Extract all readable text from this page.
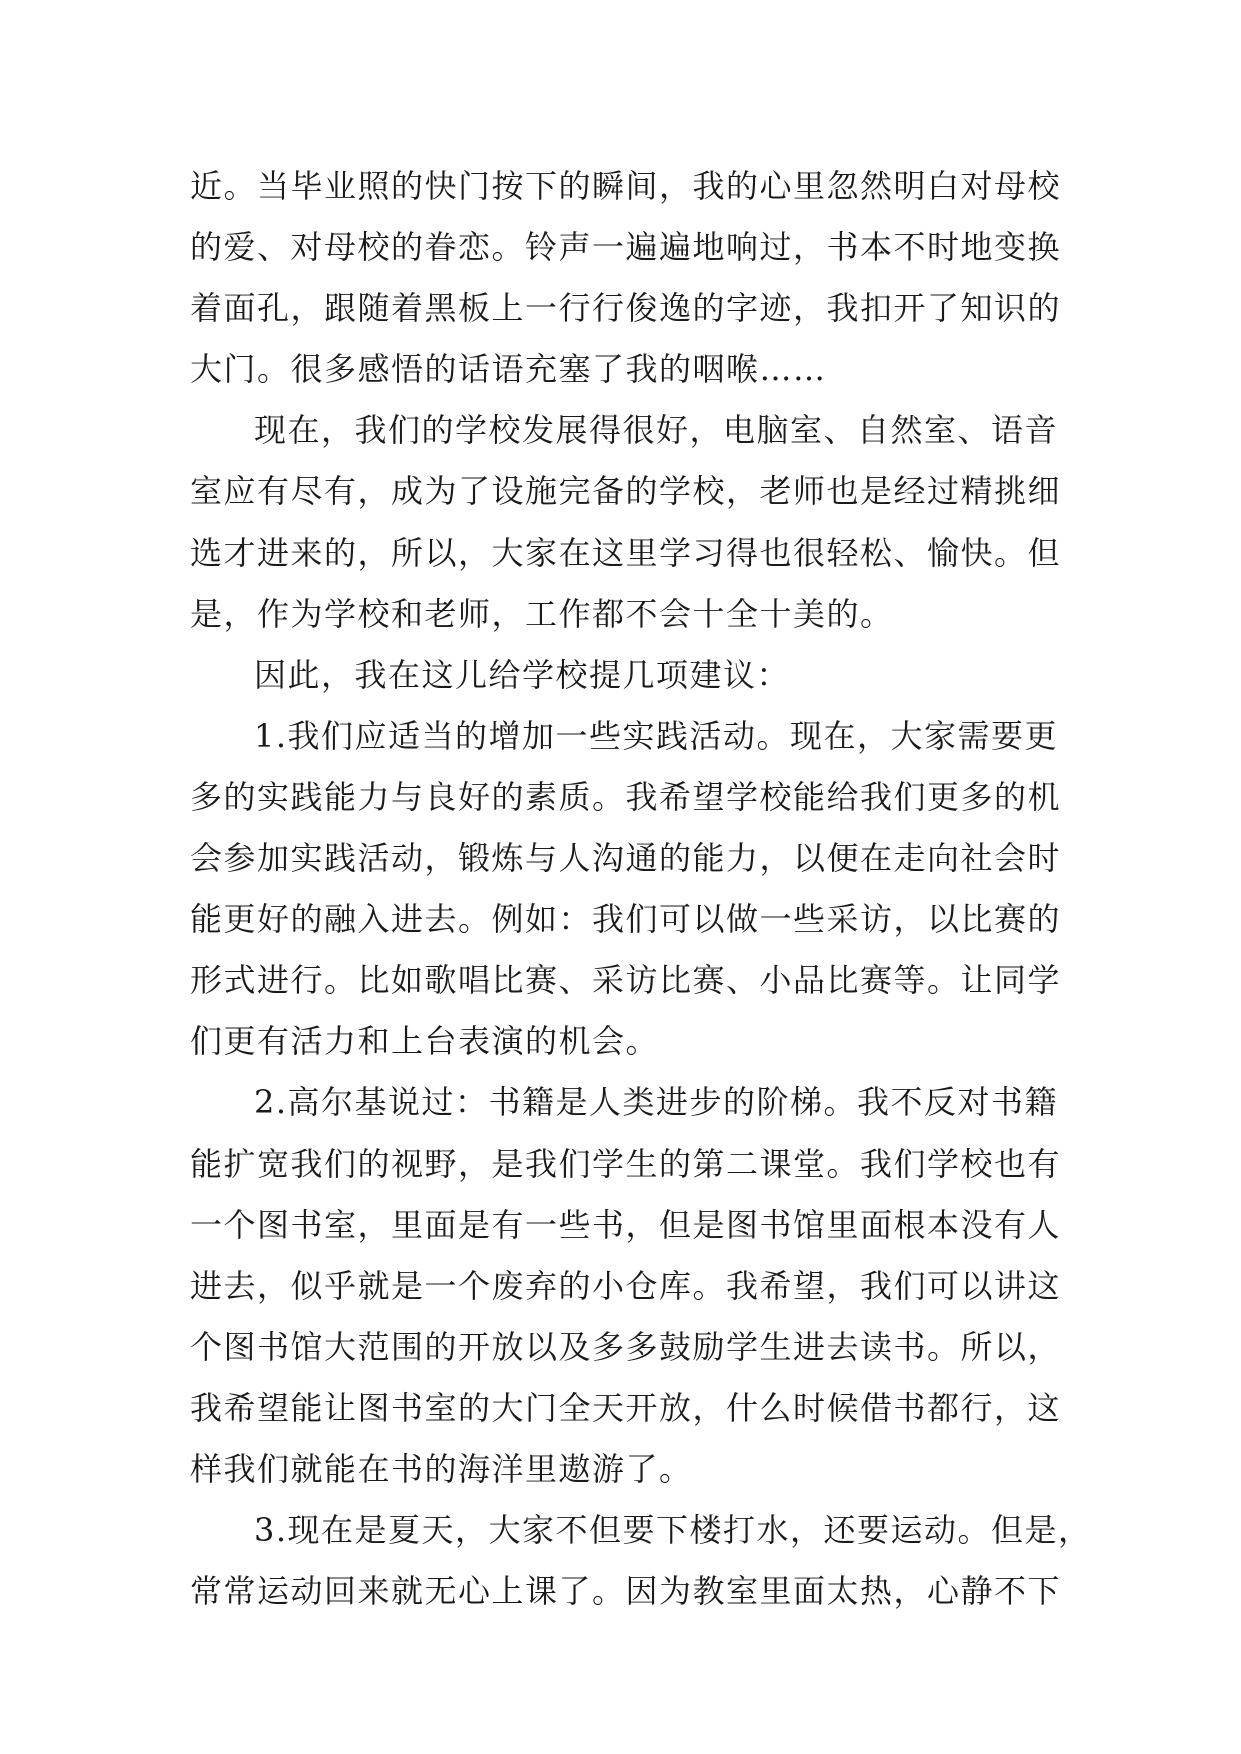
近。当毕业照的快门按下的瞬间，我的心里忽然明白对母校
的爱、对母校的眷恋。铃声一遍遍地响过，书本不时地变换
着面孔，跟随着黑板上一行行俊逸的字迹，我扣开了知识的
大门。很多感悟的话语充塞了我的咽喉……
现在，我们的学校发展得很好，电脑室、自然室、语音
室应有尽有，成为了设施完备的学校，老师也是经过精挑细
选才进来的，所以，大家在这里学习得也很轻松、愉快。但
是，作为学校和老师，工作都不会十全十美的。
因此，我在这儿给学校提几项建议：
1.我们应适当的增加一些实践活动。现在，大家需要更
多的实践能力与良好的素质。我希望学校能给我们更多的机
会参加实践活动，锻炼与人沟通的能力，以便在走向社会时
能更好的融入进去。例如：我们可以做一些采访，以比赛的
形式进行。比如歌唱比赛、采访比赛、小品比赛等。让同学
们更有活力和上台表演的机会。
2.高尔基说过：书籍是人类进步的阶梯。我不反对书籍
能扩宽我们的视野，是我们学生的第二课堂。我们学校也有
一个图书室，里面是有一些书，但是图书馆里面根本没有人
进去，似乎就是一个废弃的小仓库。我希望，我们可以讲这
个图书馆大范围的开放以及多多鼓励学生进去读书。所以，
我希望能让图书室的大门全天开放，什么时候借书都行，这
样我们就能在书的海洋里遨游了。
3.现在是夏天，大家不但要下楼打水，还要运动。但是，
常常运动回来就无心上课了。因为教室里面太热，心静不下
